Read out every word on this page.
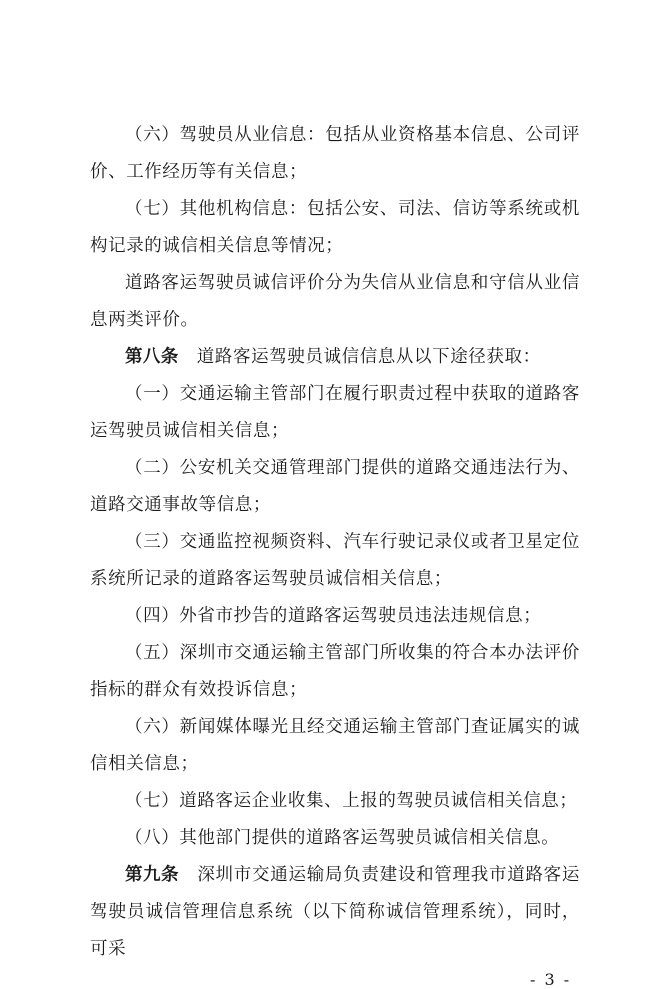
（六）驾驶员从业信息：包括从业资格基本信息、公司评价、工作经历等有关信息；

（七）其他机构信息：包括公安、司法、信访等系统或机构记录的诚信相关信息等情况；

道路客运驾驶员诚信评价分为失信从业信息和守信从业信息两类评价。

第八条　道路客运驾驶员诚信信息从以下途径获取：

（一）交通运输主管部门在履行职责过程中获取的道路客运驾驶员诚信相关信息；

（二）公安机关交通管理部门提供的道路交通违法行为、道路交通事故等信息；

（三）交通监控视频资料、汽车行驶记录仪或者卫星定位系统所记录的道路客运驾驶员诚信相关信息；

（四）外省市抄告的道路客运驾驶员违法违规信息；

（五）深圳市交通运输主管部门所收集的符合本办法评价指标的群众有效投诉信息；

（六）新闻媒体曝光且经交通运输主管部门查证属实的诚信相关信息；

（七）道路客运企业收集、上报的驾驶员诚信相关信息；

（八）其他部门提供的道路客运驾驶员诚信相关信息。

第九条　深圳市交通运输局负责建设和管理我市道路客运驾驶员诚信管理信息系统（以下简称诚信管理系统），同时，可采

- 3 -
